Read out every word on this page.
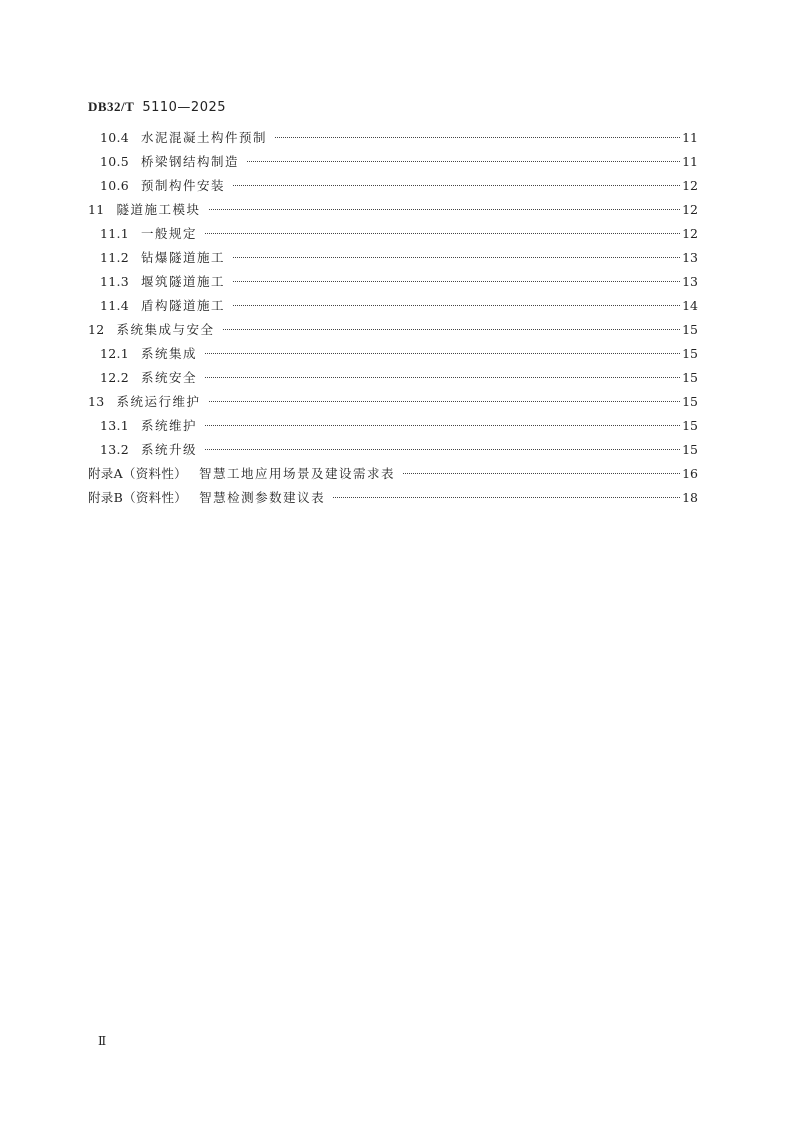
DB32/T 5110—2025
10.4 水泥混凝土构件预制	11
10.5 桥梁钢结构制造	11
10.6 预制构件安装	12
11 隧道施工模块	12
11.1 一般规定	12
11.2 钻爆隧道施工	13
11.3 堰筑隧道施工	13
11.4 盾构隧道施工	14
12 系统集成与安全	15
12.1 系统集成	15
12.2 系统安全	15
13 系统运行维护	15
13.1 系统维护	15
13.2 系统升级	15
附录A（资料性） 智慧工地应用场景及建设需求表	16
附录B（资料性） 智慧检测参数建议表	18
Ⅱ
